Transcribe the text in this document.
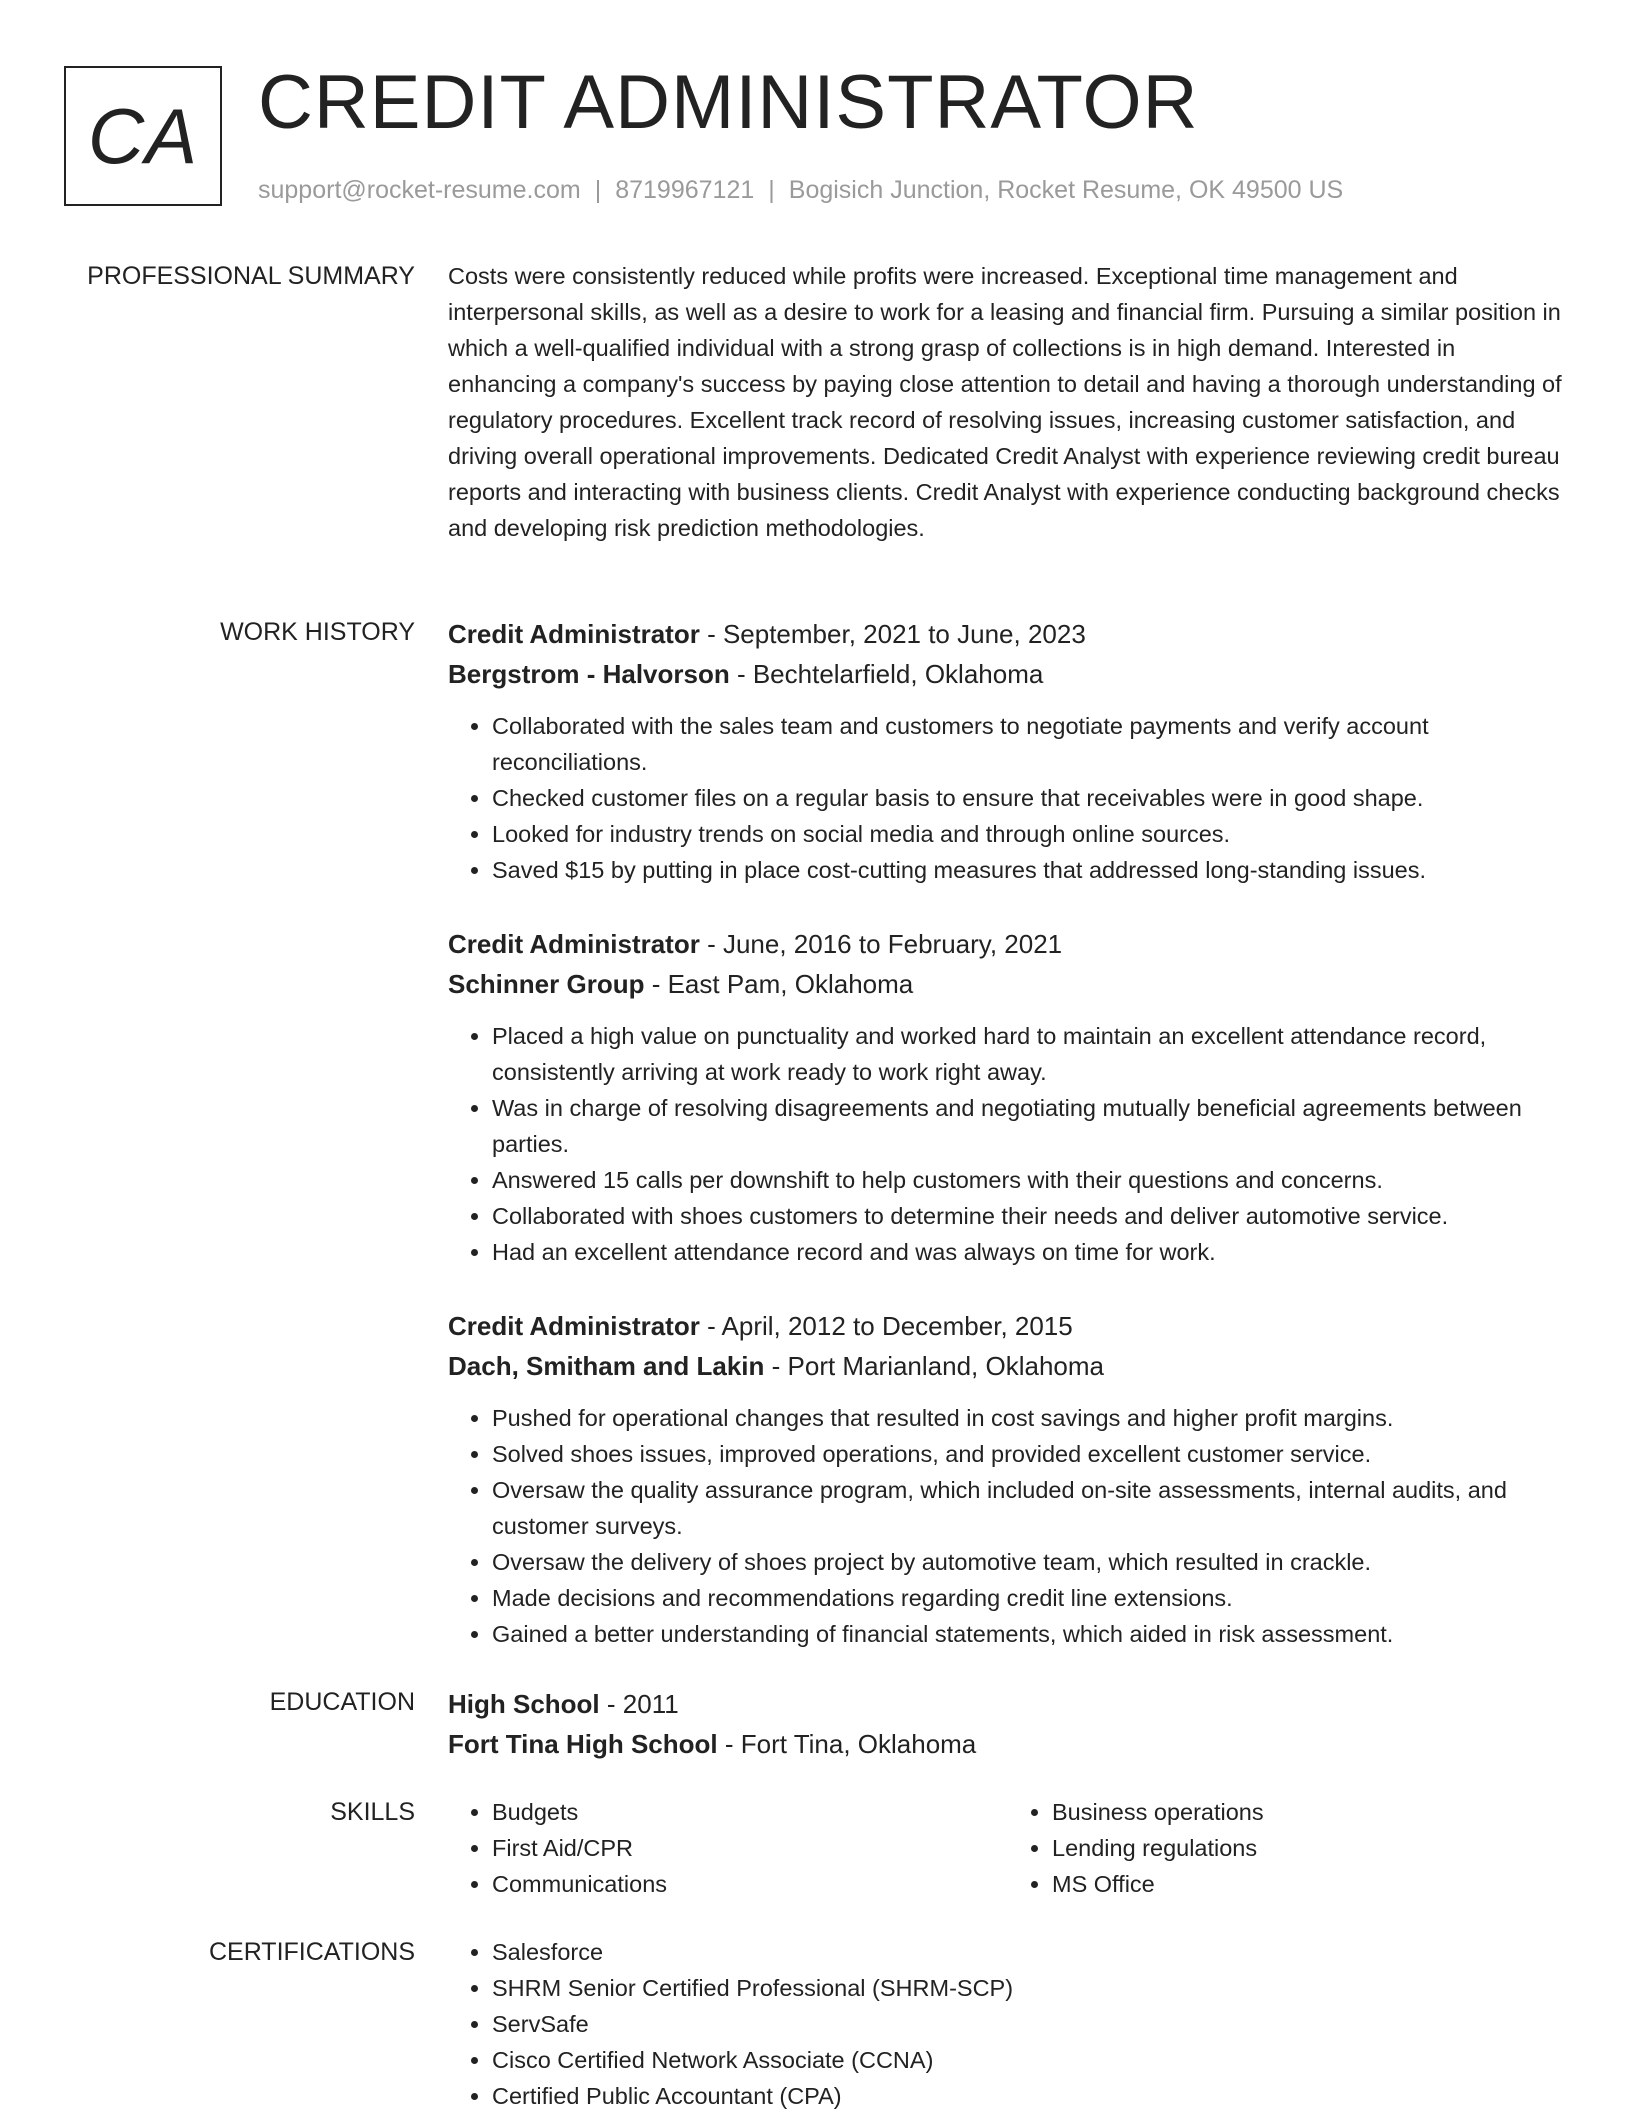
CA CREDIT ADMINISTRATOR
support@rocket-resume.com | 8719967121 | Bogisich Junction, Rocket Resume, OK 49500 US
PROFESSIONAL SUMMARY Costs were consistently reduced while profits were increased. Exceptional time management and interpersonal skills, as well as a desire to work for a leasing and financial firm. Pursuing a similar position in which a well-qualified individual with a strong grasp of collections is in high demand. Interested in enhancing a company's success by paying close attention to detail and having a thorough understanding of regulatory procedures. Excellent track record of resolving issues, increasing customer satisfaction, and driving overall operational improvements. Dedicated Credit Analyst with experience reviewing credit bureau reports and interacting with business clients. Credit Analyst with experience conducting background checks and developing risk prediction methodologies.

WORK HISTORY Credit Administrator - September, 2021 to June, 2023
Bergstrom - Halvorson - Bechtelarfield, Oklahoma
• Collaborated with the sales team and customers to negotiate payments and verify account reconciliations.
• Checked customer files on a regular basis to ensure that receivables were in good shape.
• Looked for industry trends on social media and through online sources.
• Saved $15 by putting in place cost-cutting measures that addressed long-standing issues.
Credit Administrator - June, 2016 to February, 2021
Schinner Group - East Pam, Oklahoma
• Placed a high value on punctuality and worked hard to maintain an excellent attendance record, consistently arriving at work ready to work right away.
• Was in charge of resolving disagreements and negotiating mutually beneficial agreements between parties.
• Answered 15 calls per downshift to help customers with their questions and concerns.
• Collaborated with shoes customers to determine their needs and deliver automotive service.
• Had an excellent attendance record and was always on time for work.
Credit Administrator - April, 2012 to December, 2015
Dach, Smitham and Lakin - Port Marianland, Oklahoma
• Pushed for operational changes that resulted in cost savings and higher profit margins.
• Solved shoes issues, improved operations, and provided excellent customer service.
• Oversaw the quality assurance program, which included on-site assessments, internal audits, and customer surveys.
• Oversaw the delivery of shoes project by automotive team, which resulted in crackle.
• Made decisions and recommendations regarding credit line extensions.
• Gained a better understanding of financial statements, which aided in risk assessment.
EDUCATION High School - 2011
Fort Tina High School - Fort Tina, Oklahoma
SKILLS	• Budgets
• First Aid/CPR
• Communications
• Business operations
• Lending regulations
• MS Office
CERTIFICATIONS	• Salesforce
• SHRM Senior Certified Professional (SHRM-SCP)
• ServSafe
• Cisco Certified Network Associate (CCNA)
• Certified Public Accountant (CPA)
